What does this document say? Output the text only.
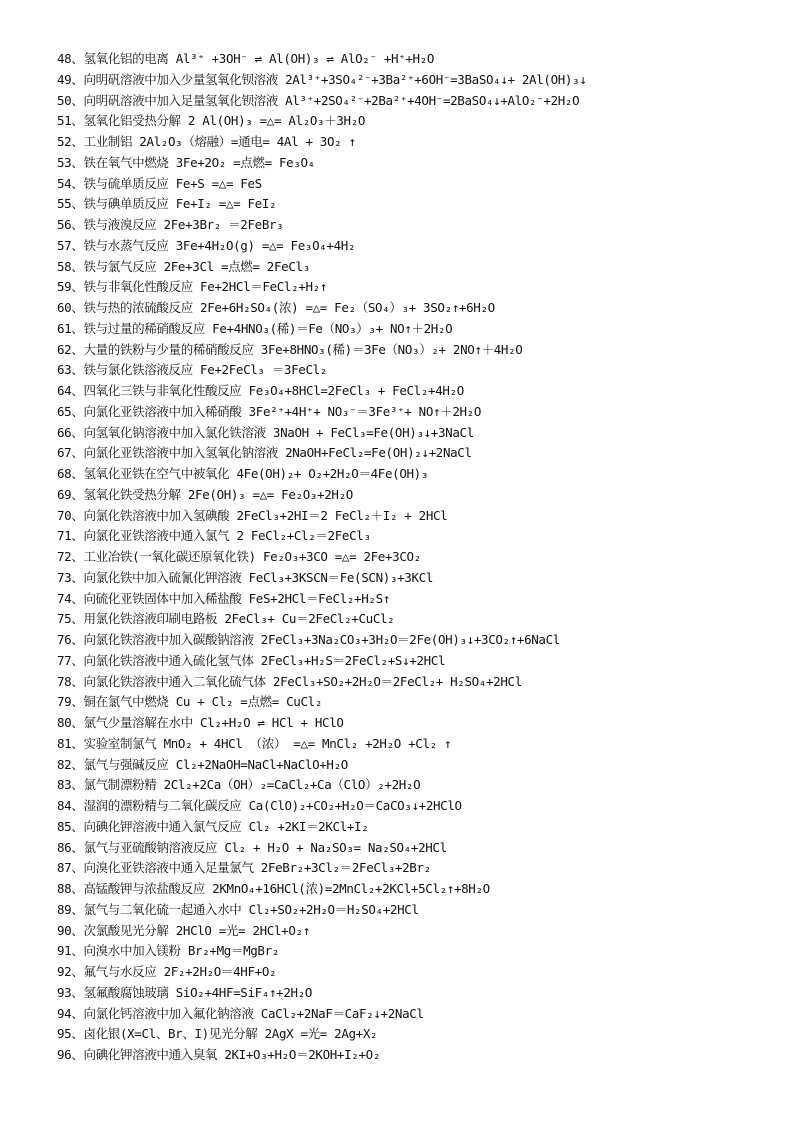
48、氢氧化铝的电离 Al³⁺ +3OH⁻ ⇌ Al(OH)₃ ⇌ AlO₂⁻ +H⁺+H₂O
49、向明矾溶液中加入少量氢氧化钡溶液 2Al³⁺+3SO₄²⁻+3Ba²⁺+6OH⁻=3BaSO₄↓+ 2Al(OH)₃↓
50、向明矾溶液中加入足量氢氧化钡溶液 Al³⁺+2SO₄²⁻+2Ba²⁺+4OH⁻=2BaSO₄↓+AlO₂⁻+2H₂O
51、氢氧化铝受热分解 2 Al(OH)₃ =△= Al₂O₃＋3H₂O
52、工业制铝 2Al₂O₃（熔融）=通电= 4Al + 3O₂ ↑
53、铁在氧气中燃烧 3Fe+2O₂ =点燃= Fe₃O₄
54、铁与硫单质反应 Fe+S =△= FeS
55、铁与碘单质反应 Fe+I₂ =△= FeI₂
56、铁与液溴反应 2Fe+3Br₂ ＝2FeBr₃
57、铁与水蒸气反应 3Fe+4H₂O(g) =△= Fe₃O₄+4H₂
58、铁与氯气反应 2Fe+3Cl =点燃= 2FeCl₃
59、铁与非氧化性酸反应 Fe+2HCl＝FeCl₂+H₂↑
60、铁与热的浓硫酸反应 2Fe+6H₂SO₄(浓) =△= Fe₂（SO₄）₃+ 3SO₂↑+6H₂O
61、铁与过量的稀硝酸反应 Fe+4HNO₃(稀)＝Fe（NO₃）₃+ NO↑＋2H₂O
62、大量的铁粉与少量的稀硝酸反应 3Fe+8HNO₃(稀)＝3Fe（NO₃）₂+ 2NO↑＋4H₂O
63、铁与氯化铁溶液反应 Fe+2FeCl₃ ＝3FeCl₂
64、四氧化三铁与非氧化性酸反应 Fe₃O₄+8HCl=2FeCl₃ + FeCl₂+4H₂O
65、向氯化亚铁溶液中加入稀硝酸 3Fe²⁺+4H⁺+ NO₃⁻＝3Fe³⁺+ NO↑＋2H₂O
66、向氢氧化钠溶液中加入氯化铁溶液 3NaOH + FeCl₃=Fe(OH)₃↓+3NaCl
67、向氯化亚铁溶液中加入氢氧化钠溶液 2NaOH+FeCl₂=Fe(OH)₂↓+2NaCl
68、氢氧化亚铁在空气中被氧化 4Fe(OH)₂+ O₂+2H₂O＝4Fe(OH)₃
69、氢氧化铁受热分解 2Fe(OH)₃ =△= Fe₂O₃+2H₂O
70、向氯化铁溶液中加入氢碘酸 2FeCl₃+2HI＝2 FeCl₂＋I₂ + 2HCl
71、向氯化亚铁溶液中通入氯气 2 FeCl₂+Cl₂＝2FeCl₃
72、工业冶铁(一氧化碳还原氧化铁) Fe₂O₃+3CO =△= 2Fe+3CO₂
73、向氯化铁中加入硫氰化钾溶液 FeCl₃+3KSCN＝Fe(SCN)₃+3KCl
74、向硫化亚铁固体中加入稀盐酸 FeS+2HCl＝FeCl₂+H₂S↑
75、用氯化铁溶液印刷电路板 2FeCl₃+ Cu＝2FeCl₂+CuCl₂
76、向氯化铁溶液中加入碳酸钠溶液 2FeCl₃+3Na₂CO₃+3H₂O＝2Fe(OH)₃↓+3CO₂↑+6NaCl
77、向氯化铁溶液中通入硫化氢气体 2FeCl₃+H₂S＝2FeCl₂+S↓+2HCl
78、向氯化铁溶液中通入二氧化硫气体 2FeCl₃+SO₂+2H₂O＝2FeCl₂+ H₂SO₄+2HCl
79、铜在氯气中燃烧 Cu + Cl₂ =点燃= CuCl₂
80、氯气少量溶解在水中 Cl₂+H₂O ⇌ HCl + HClO
81、实验室制氯气 MnO₂ + 4HCl （浓） =△= MnCl₂ +2H₂O +Cl₂ ↑
82、氯气与强碱反应 Cl₂+2NaOH=NaCl+NaClO+H₂O
83、氯气制漂粉精 2Cl₂+2Ca（OH）₂=CaCl₂+Ca（ClO）₂+2H₂O
84、湿润的漂粉精与二氧化碳反应 Ca(ClO)₂+CO₂+H₂O＝CaCO₃↓+2HClO
85、向碘化钾溶液中通入氯气反应 Cl₂ +2KI＝2KCl+I₂
86、氯气与亚硫酸钠溶液反应 Cl₂ + H₂O + Na₂SO₃= Na₂SO₄+2HCl
87、向溴化亚铁溶液中通入足量氯气 2FeBr₂+3Cl₂＝2FeCl₃+2Br₂
88、高锰酸钾与浓盐酸反应 2KMnO₄+16HCl(浓)=2MnCl₂+2KCl+5Cl₂↑+8H₂O
89、氯气与二氧化硫一起通入水中 Cl₂+SO₂+2H₂O＝H₂SO₄+2HCl
90、次氯酸见光分解 2HClO =光= 2HCl+O₂↑
91、向溴水中加入镁粉 Br₂+Mg＝MgBr₂
92、氟气与水反应 2F₂+2H₂O＝4HF+O₂
93、氢氟酸腐蚀玻璃 SiO₂+4HF=SiF₄↑+2H₂O
94、向氯化钙溶液中加入氟化钠溶液 CaCl₂+2NaF＝CaF₂↓+2NaCl
95、卤化银(X=Cl、Br、I)见光分解 2AgX =光= 2Ag+X₂
96、向碘化钾溶液中通入臭氧 2KI+O₃+H₂O＝2KOH+I₂+O₂
